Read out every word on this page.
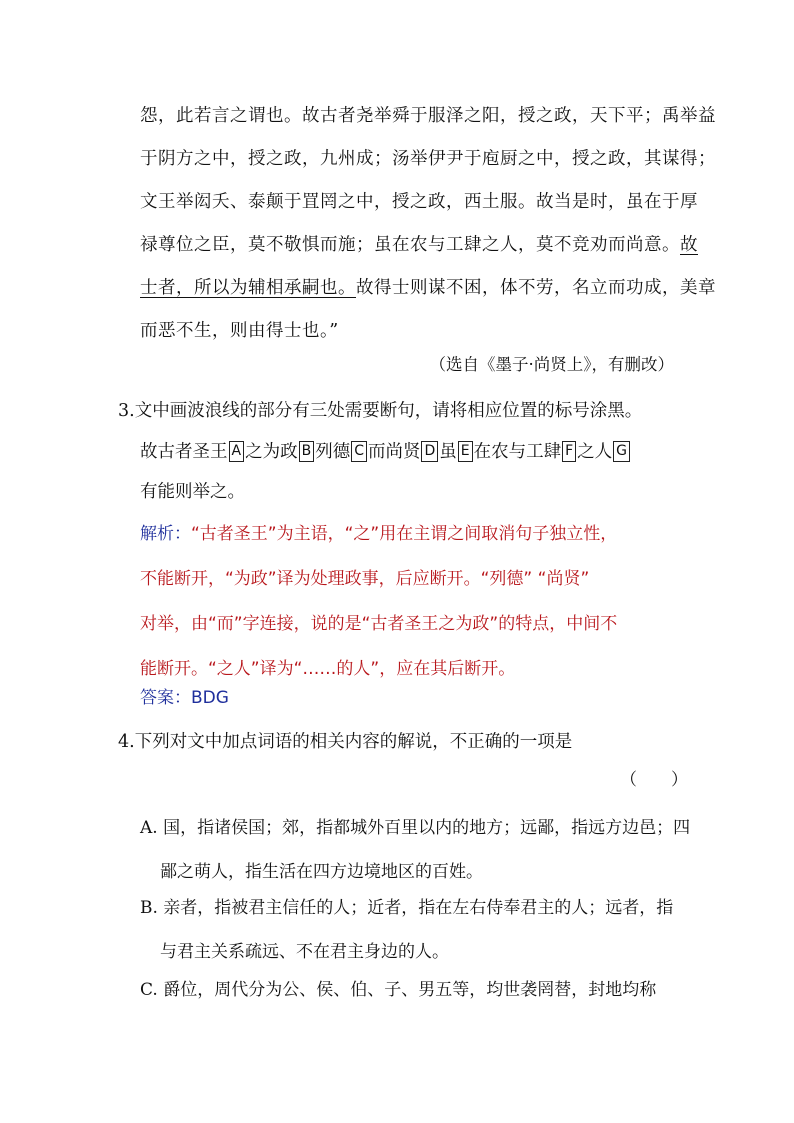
怨，此若言之谓也。故古者尧举舜于服泽之阳，授之政，天下平；禹举益
于阴方之中，授之政，九州成；汤举伊尹于庖厨之中，授之政，其谋得；
文王举闳夭、泰颠于罝罔之中，授之政，西土服。故当是时，虽在于厚
禄尊位之臣，莫不敬惧而施；虽在农与工肆之人，莫不竞劝而尚意。故
士者，所以为辅相承嗣也。故得士则谋不困，体不劳，名立而功成，美章
而恶不生，则由得士也。”
（选自《墨子·尚贤上》，有删改）
3.文中画波浪线的部分有三处需要断句，请将相应位置的标号涂黑。
故古者圣王 A 之为政 B 列德 C 而尚贤 D 虽 E 在农与工肆 F 之人 G
有能则举之。
解析：“古者圣王”为主语，“之”用在主谓之间取消句子独立性，
不能断开，“为政”译为处理政事，后应断开。“列德” “尚贤”
对举，由“而”字连接，说的是“古者圣王之为政”的特点，中间不
能断开。“之人”译为“……的人”，应在其后断开。
答案：BDG
4.下列对文中加点词语的相关内容的解说，不正确的一项是
（　　）
A. 国，指诸侯国；郊，指都城外百里以内的地方；远鄙，指远方边邑；四
鄙之萌人，指生活在四方边境地区的百姓。
B. 亲者，指被君主信任的人；近者，指在左右侍奉君主的人；远者，指
与君主关系疏远、不在君主身边的人。
C. 爵位，周代分为公、侯、伯、子、男五等，均世袭罔替，封地均称
